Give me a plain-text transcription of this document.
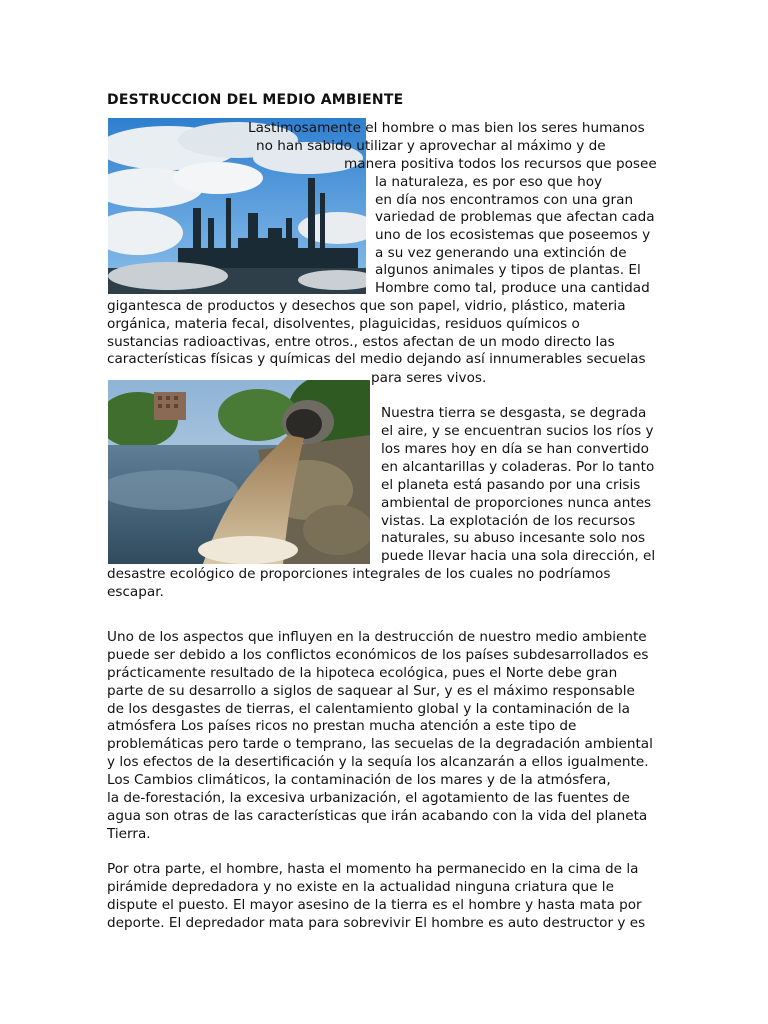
DESTRUCCION DEL MEDIO AMBIENTE
Lastimosamente el hombre o mas bien los seres humanos
no han sabido utilizar y aprovechar al máximo y de
manera positiva todos los recursos que posee
la naturaleza, es por eso que hoy
en día nos encontramos con una gran
variedad de problemas que afectan cada
uno de los ecosistemas que poseemos y
a su vez generando una extinción de
algunos animales y tipos de plantas. El
Hombre como tal, produce una cantidad
gigantesca de productos y desechos que son papel, vidrio, plástico, materia
orgánica, materia fecal, disolventes, plaguicidas, residuos químicos o
sustancias radioactivas, entre otros., estos afectan de un modo directo las
características físicas y químicas del medio dejando así innumerables secuelas
para seres vivos.
Nuestra tierra se desgasta, se degrada
el aire, y se encuentran sucios los ríos y
los mares hoy en día se han convertido
en alcantarillas y coladeras. Por lo tanto
el planeta está pasando por una crisis
ambiental de proporciones nunca antes
vistas. La explotación de los recursos
naturales, su abuso incesante solo nos
puede llevar hacia una sola dirección, el
desastre ecológico de proporciones integrales de los cuales no podríamos
escapar.
Uno de los aspectos que influyen en la destrucción de nuestro medio ambiente
puede ser debido a los conflictos económicos de los países subdesarrollados es
prácticamente resultado de la hipoteca ecológica, pues el Norte debe gran
parte de su desarrollo a siglos de saquear al Sur, y es el máximo responsable
de los desgastes de tierras, el calentamiento global y la contaminación de la
atmósfera Los países ricos no prestan mucha atención a este tipo de
problemáticas pero tarde o temprano, las secuelas de la degradación ambiental
y los efectos de la desertificación y la sequía los alcanzarán a ellos igualmente.
Los Cambios climáticos, la contaminación de los mares y de la atmósfera,
la de-forestación, la excesiva urbanización, el agotamiento de las fuentes de
agua son otras de las características que irán acabando con la vida del planeta
Tierra.
Por otra parte, el hombre, hasta el momento ha permanecido en la cima de la
pirámide depredadora y no existe en la actualidad ninguna criatura que le
dispute el puesto. El mayor asesino de la tierra es el hombre y hasta mata por
deporte. El depredador mata para sobrevivir El hombre es auto destructor y es
